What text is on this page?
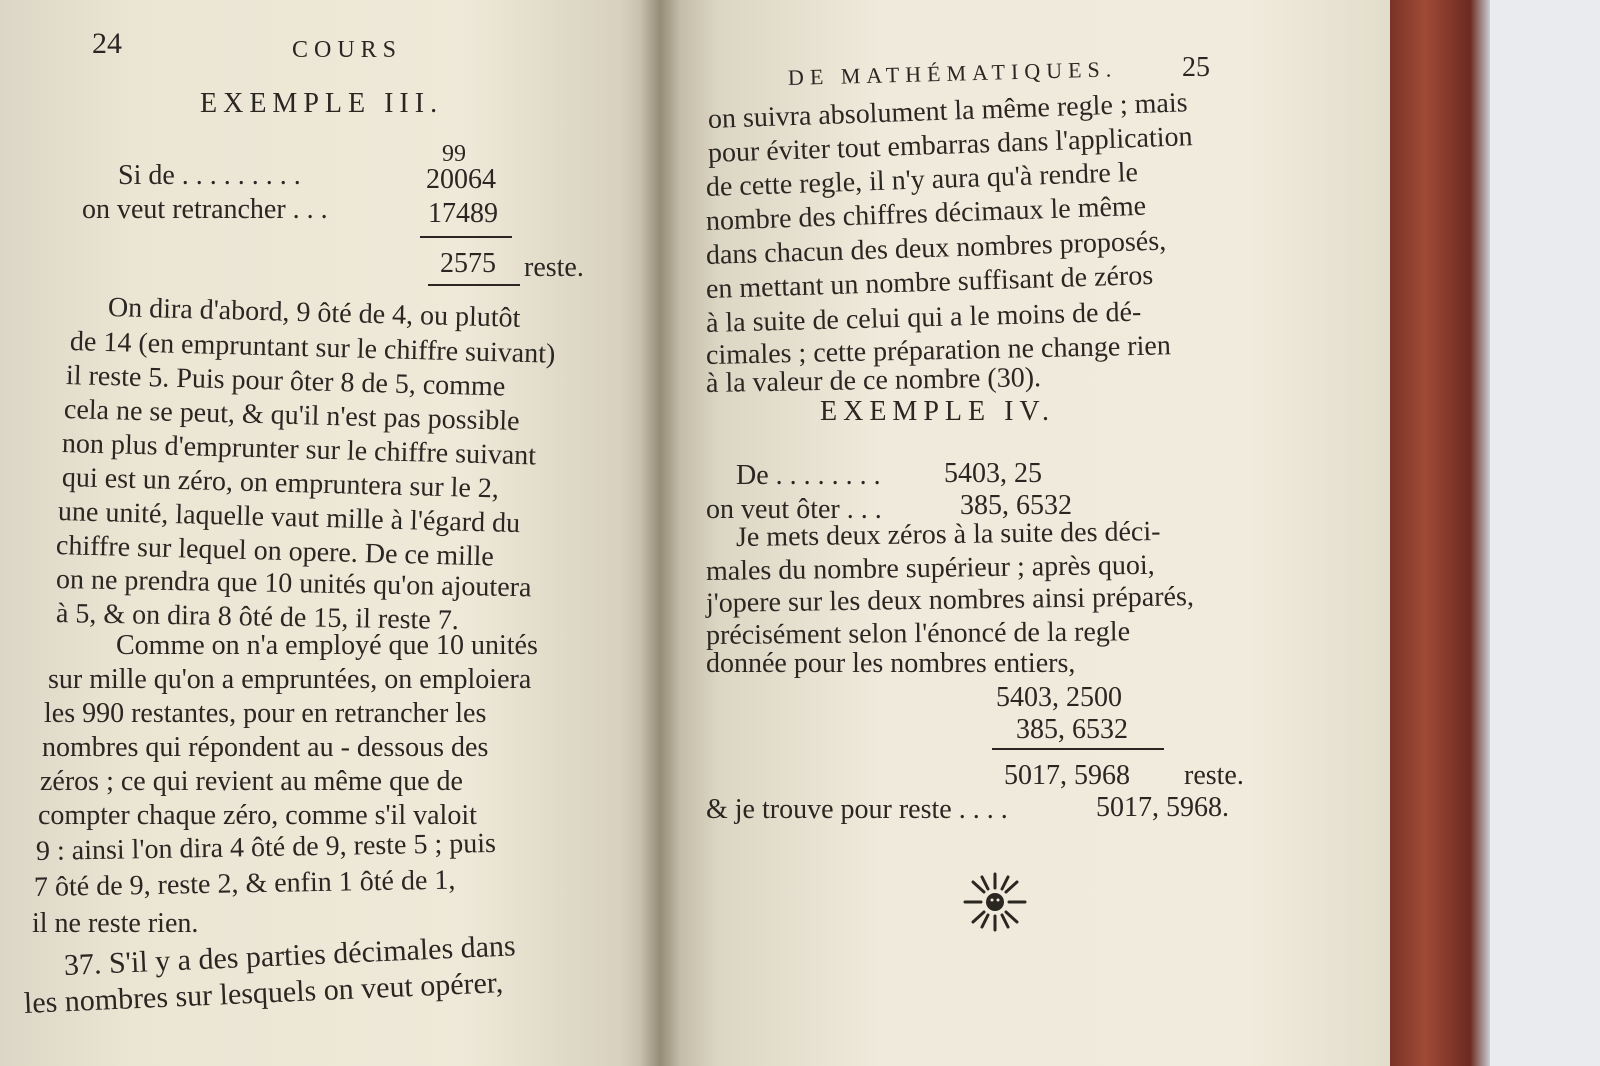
24	COURS
EXEMPLE III.
99
Si de . . . . . . . . .	20064
on veut retrancher . . .	17489
2575 reste.
On dira d'abord, 9 ôté de 4, ou plutôt
de 14 (en empruntant sur le chiffre suivant)
il reste 5. Puis pour ôter 8 de 5, comme
cela ne se peut, & qu'il n'est pas possible
non plus d'emprunter sur le chiffre suivant
qui est un zéro, on empruntera sur le 2,
une unité, laquelle vaut mille à l'égard du
chiffre sur lequel on opere. De ce mille
on ne prendra que 10 unités qu'on ajoutera
à 5, & on dira 8 ôté de 15, il reste 7.
Comme on n'a employé que 10 unités
sur mille qu'on a empruntées, on emploiera
les 990 restantes, pour en retrancher les
nombres qui répondent au - dessous des
zéros ; ce qui revient au même que de
compter chaque zéro, comme s'il valoit
9 : ainsi l'on dira 4 ôté de 9, reste 5 ; puis
7 ôté de 9, reste 2, & enfin 1 ôté de 1,
il ne reste rien.
37. S'il y a des parties décimales dans
les nombres sur lesquels on veut opérer,
DE MATHÉMATIQUES. 25
on suivra absolument la même regle ; mais
pour éviter tout embarras dans l'application
de cette regle, il n'y aura qu'à rendre le
nombre des chiffres décimaux le même
dans chacun des deux nombres proposés,
en mettant un nombre suffisant de zéros
à la suite de celui qui a le moins de dé-
cimales ; cette préparation ne change rien
à la valeur de ce nombre (30).
EXEMPLE IV.
De . . . . . . . . 5403, 25
on veut ôter . . .	385, 6532
Je mets deux zéros à la suite des déci-
males du nombre supérieur ; après quoi,
j'opere sur les deux nombres ainsi préparés,
précisément selon l'énoncé de la regle
donnée pour les nombres entiers,
5403, 2500
385, 6532
5017, 5968 reste.
& je trouve pour reste . . . .	5017, 5968.
